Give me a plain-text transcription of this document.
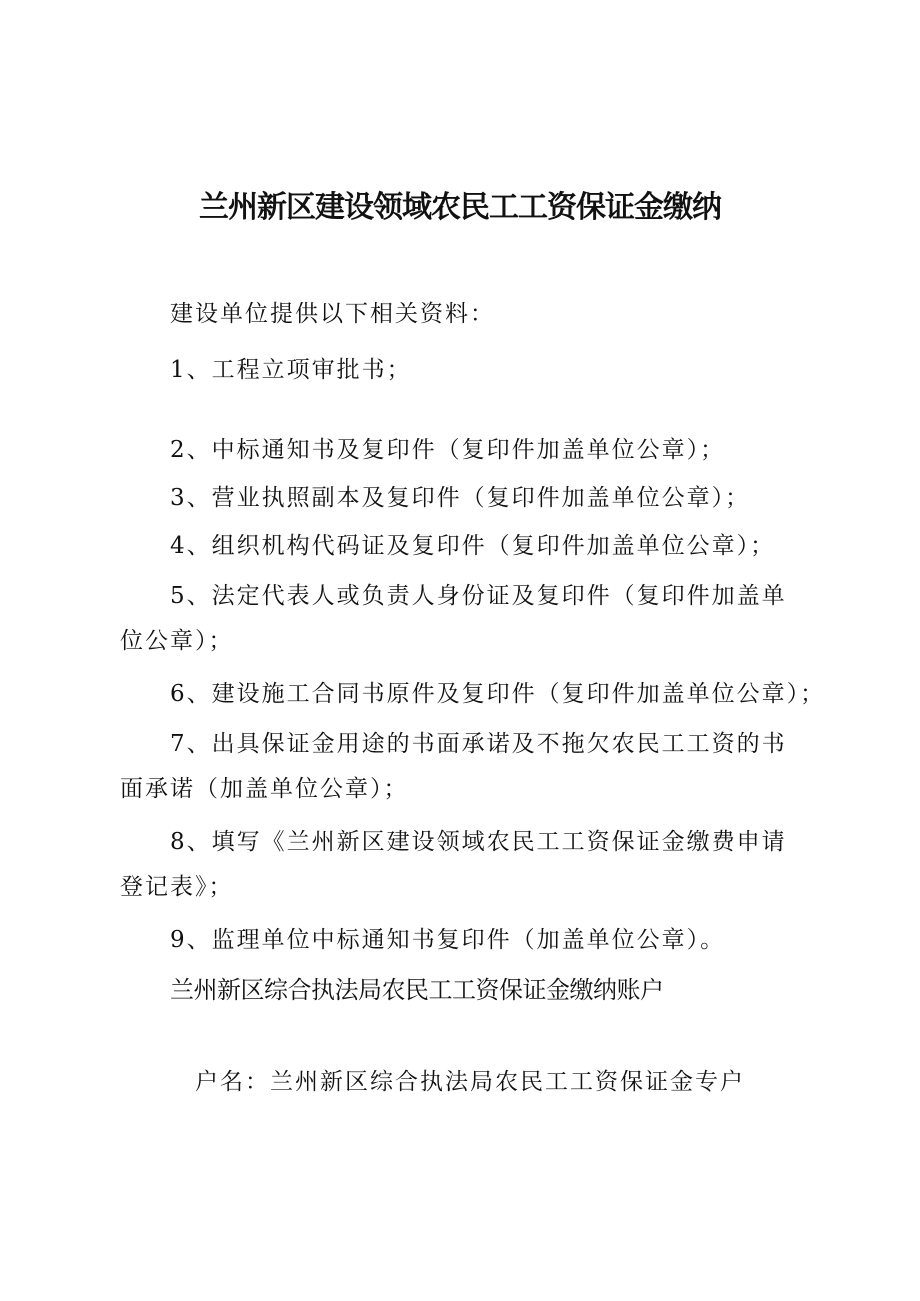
兰州新区建设领域农民工工资保证金缴纳
建设单位提供以下相关资料：
1、工程立项审批书；
2、中标通知书及复印件（复印件加盖单位公章）；
3、营业执照副本及复印件（复印件加盖单位公章）；
4、组织机构代码证及复印件（复印件加盖单位公章）；
5、法定代表人或负责人身份证及复印件（复印件加盖单位公章）；
6、建设施工合同书原件及复印件（复印件加盖单位公章）；
7、出具保证金用途的书面承诺及不拖欠农民工工资的书面承诺（加盖单位公章）；
8、填写《兰州新区建设领域农民工工资保证金缴费申请登记表》；
9、监理单位中标通知书复印件（加盖单位公章）。
兰州新区综合执法局农民工工资保证金缴纳账户
户名：兰州新区综合执法局农民工工资保证金专户
